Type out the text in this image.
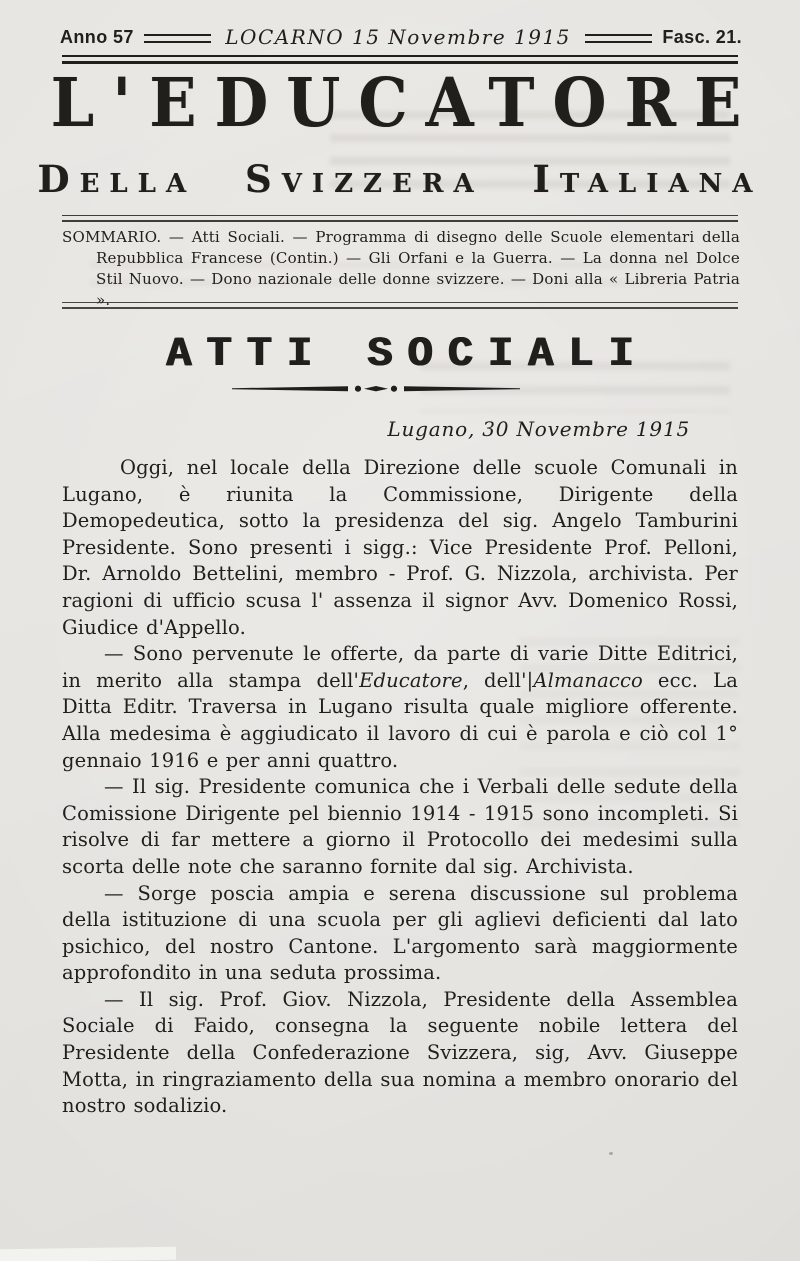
Anno 57	LOCARNO 15 Novembre 1915	Fasc. 21.
L'EDUCATORE
Della Svizzera Italiana

SOMMARIO. — Atti Sociali. — Programma di disegno delle Scuole elementari della Repubblica Francese (Contin.) — Gli Orfani e la Guerra. — La donna nel Dolce Stil Nuovo. — Dono nazionale delle donne svizzere. — Doni alla « Libreria Patria ».

ATTI SOCIALI

Lugano, 30 Novembre 1915

Oggi, nel locale della Direzione delle scuole Comunali in Lugano, è riunita la Commissione, Dirigente della Demopedeutica, sotto la presidenza del sig. Angelo Tamburini Presidente. Sono presenti i sigg.: Vice Presidente Prof. Pelloni, Dr. Arnoldo Bettelini, membro - Prof. G. Nizzola, archivista. Per ragioni di ufficio scusa l' assenza il signor Avv. Domenico Rossi, Giudice d'Appello.

— Sono pervenute le offerte, da parte di varie Ditte Editrici, in merito alla stampa dell'Educatore, dell'|Almanacco ecc. La Ditta Editr. Traversa in Lugano risulta quale migliore offerente. Alla medesima è aggiudicato il lavoro di cui è parola e ciò col 1° gennaio 1916 e per anni quattro.

— Il sig. Presidente comunica che i Verbali delle sedute della Comissione Dirigente pel biennio 1914 - 1915 sono incompleti. Si risolve di far mettere a giorno il Protocollo dei medesimi sulla scorta delle note che saranno fornite dal sig. Archivista.

— Sorge poscia ampia e serena discussione sul problema della istituzione di una scuola per gli aglievi deficienti dal lato psichico, del nostro Cantone. L'argomento sarà maggiormente approfondito in una seduta prossima.

— Il sig. Prof. Giov. Nizzola, Presidente della Assemblea Sociale di Faido, consegna la seguente nobile lettera del Presidente della Confederazione Svizzera, sig, Avv. Giuseppe Motta, in ringraziamento della sua nomina a membro onorario del nostro sodalizio.
